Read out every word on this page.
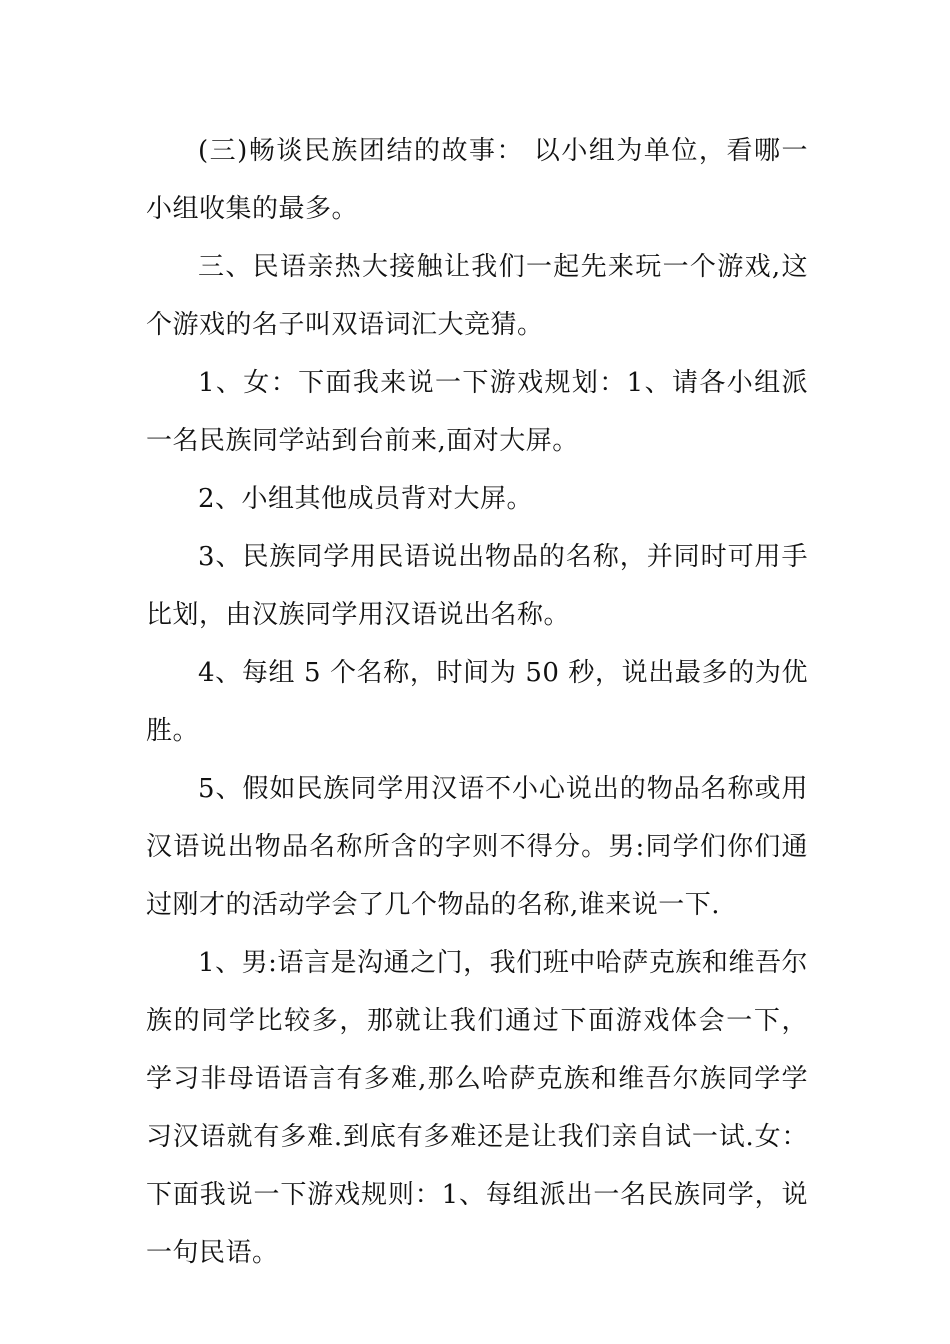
(三)畅谈民族团结的故事： 以小组为单位，看哪一小组收集的最多。

三、民语亲热大接触让我们一起先来玩一个游戏,这个游戏的名子叫双语词汇大竞猜。

1、女：下面我来说一下游戏规划：1、请各小组派一名民族同学站到台前来,面对大屏。

2、小组其他成员背对大屏。

3、民族同学用民语说出物品的名称，并同时可用手比划，由汉族同学用汉语说出名称。

4、每组 5 个名称，时间为 50 秒，说出最多的为优胜。

5、假如民族同学用汉语不小心说出的物品名称或用汉语说出物品名称所含的字则不得分。男:同学们你们通过刚才的活动学会了几个物品的名称,谁来说一下.

1、男:语言是沟通之门，我们班中哈萨克族和维吾尔族的同学比较多，那就让我们通过下面游戏体会一下，学习非母语语言有多难,那么哈萨克族和维吾尔族同学学习汉语就有多难.到底有多难还是让我们亲自试一试.女：下面我说一下游戏规则：1、每组派出一名民族同学，说一句民语。
